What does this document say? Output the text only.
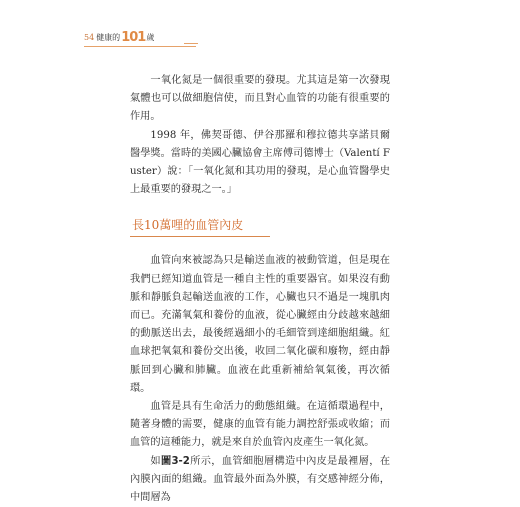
54 健康的 101 歲

一氧化氮是一個很重要的發現。尤其這是第一次發現氣體也可以做細胞信使，而且對心血管的功能有很重要的作用。

1998 年，佛契哥德、伊谷那羅和穆拉德共享諾貝爾醫學獎。當時的美國心臟協會主席傅司德博士（Valentí Fuster）說：「一氧化氮和其功用的發現，是心血管醫學史上最重要的發現之一。」

長10萬哩的血管內皮

血管向來被認為只是輸送血液的被動管道，但是現在我們已經知道血管是一種自主性的重要器官。如果沒有動脈和靜脈負起輸送血液的工作，心臟也只不過是一塊肌肉而已。充滿氧氣和養份的血液，從心臟經由分歧越來越細的動脈送出去，最後經過細小的毛細管到達細胞組織。紅血球把氧氣和養份交出後，收回二氧化碳和廢物，經由靜脈回到心臟和肺臟。血液在此重新補給氧氣後，再次循環。

血管是具有生命活力的動態組織。在這循環過程中，隨著身體的需要，健康的血管有能力調控舒張或收縮；而血管的這種能力，就是來自於血管內皮產生一氧化氮。

如圖3-2所示，血管細胞層構造中內皮是最裡層，在內膜內面的組織。血管最外面為外膜，有交感神經分佈，中間層為
